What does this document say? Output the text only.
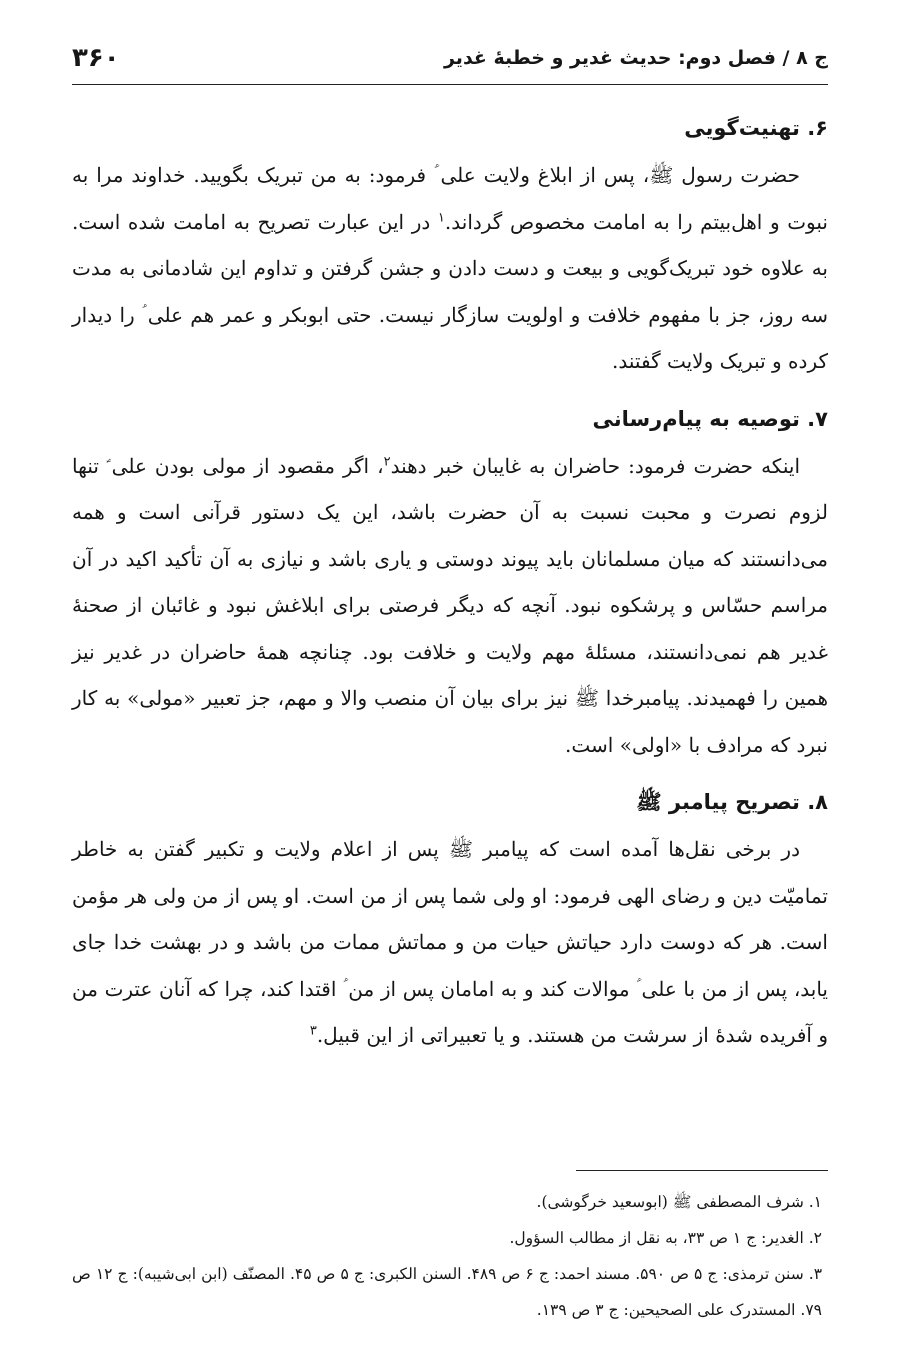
ج ۸ / فصل دوم: حدیث غدیر و خطبهٔ غدیر
۳۶۰
۶. تهنیت‌گویی

حضرت رسول ﷺ، پس از ابلاغ ولایت علی ؑ فرمود: به من تبریک بگویید. خداوند مرا به نبوت و اهل‌بیتم را به امامت مخصوص گرداند.$^۱$ در این عبارت تصریح به امامت شده است. به علاوه خود تبریک‌گویی و بیعت و دست دادن و جشن گرفتن و تداوم این شادمانی به مدت سه روز، جز با مفهوم خلافت و اولویت سازگار نیست. حتی ابوبکر و عمر هم علی ؑ را دیدار کرده و تبریک ولایت گفتند.

۷. توصیه به پیام‌رسانی

اینکه حضرت فرمود: حاضران به غایبان خبر دهند$^۲$، اگر مقصود از مولی بودن علی ؑ تنها لزوم نصرت و محبت نسبت به آن حضرت باشد، این یک دستور قرآنی است و همه می‌دانستند که میان مسلمانان باید پیوند دوستی و یاری باشد و نیازی به آن تأکید اکید در آن مراسم حسّاس و پرشکوه نبود. آنچه که دیگر فرصتی برای ابلاغش نبود و غائبان از صحنهٔ غدیر هم نمی‌دانستند، مسئلهٔ مهم ولایت و خلافت بود. چنانچه همهٔ حاضران در غدیر نیز همین را فهمیدند. پیامبرخدا ﷺ نیز برای بیان آن منصب والا و مهم، جز تعبیر «مولی» به کار نبرد که مرادف با «اولی» است.

۸. تصریح پیامبر ﷺ

در برخی نقل‌ها آمده است که پیامبر ﷺ پس از اعلام ولایت و تکبیر گفتن به خاطر تمامیّت دین و رضای الهی فرمود: او ولی شما پس از من است. او پس از من ولی هر مؤمن است. هر که دوست دارد حیاتش حیات من و مماتش ممات من باشد و در بهشت خدا جای یابد، پس از من با علی ؑ موالات کند و به امامان پس از من ؑ اقتدا کند، چرا که آنان عترت من و آفریده شدهٔ از سرشت من هستند. و یا تعبیراتی از این قبیل.$^۳$

۱. شرف المصطفی ﷺ (ابوسعید خرگوشی).

۲. الغدیر: ج ۱ ص ۳۳، به نقل از مطالب السؤول.

۳. سنن ترمذی: ج ۵ ص ۵۹۰. مسند احمد: ج ۶ ص ۴۸۹. السنن الکبری: ج ۵ ص ۴۵. المصنّف (ابن ابی‌شیبه): ج ۱۲ ص ۷۹. المستدرک علی الصحیحین: ج ۳ ص ۱۳۹.
